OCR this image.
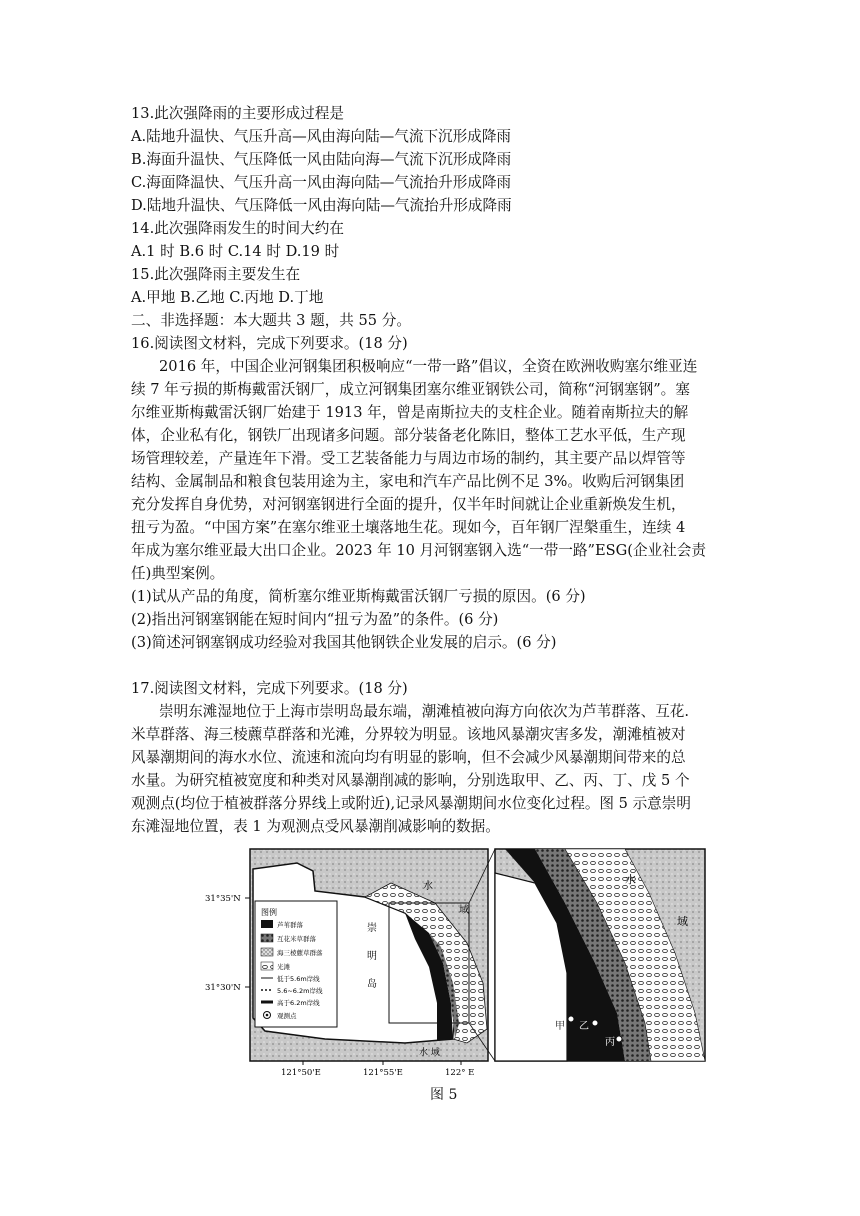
13.此次强降雨的主要形成过程是
A.陆地升温快、气压升高—风由海向陆—气流下沉形成降雨
B.海面升温快、气压降低一风由陆向海—气流下沉形成降雨
C.海面降温快、气压升高一风由海向陆—气流抬升形成降雨
D.陆地升温快、气压降低一风由海向陆—气流抬升形成降雨
14.此次强降雨发生的时间大约在
A.1 时 B.6 时 C.14 时 D.19 时
15.此次强降雨主要发生在
A.甲地 B.乙地 C.丙地 D.丁地
二、非选择题：本大题共 3 题，共 55 分。
16.阅读图文材料，完成下列要求。(18 分)
2016 年，中国企业河钢集团积极响应“一带一路”倡议，全资在欧洲收购塞尔维亚连
续 7 年亏损的斯梅戴雷沃钢厂，成立河钢集团塞尔维亚钢铁公司，简称“河钢塞钢”。塞
尔维亚斯梅戴雷沃钢厂始建于 1913 年，曾是南斯拉夫的支柱企业。随着南斯拉夫的解
体，企业私有化，钢铁厂出现诸多问题。部分装备老化陈旧，整体工艺水平低，生产现
场管理较差，产量连年下滑。受工艺装备能力与周边市场的制约，其主要产品以焊管等
结构、金属制品和粮食包装用途为主，家电和汽车产品比例不足 3%。收购后河钢集团
充分发挥自身优势，对河钢塞钢进行全面的提升，仅半年时间就让企业重新焕发生机，
扭亏为盈。“中国方案”在塞尔维亚土壤落地生花。现如今，百年钢厂涅槃重生，连续 4
年成为塞尔维亚最大出口企业。2023 年 10 月河钢塞钢入选“一带一路”ESG(企业社会责
任)典型案例。
(1)试从产品的角度，简析塞尔维亚斯梅戴雷沃钢厂亏损的原因。(6 分)
(2)指出河钢塞钢能在短时间内“扭亏为盈”的条件。(6 分)
(3)简述河钢塞钢成功经验对我国其他钢铁企业发展的启示。(6 分)
17.阅读图文材料，完成下列要求。(18 分)
崇明东滩湿地位于上海市崇明岛最东端，潮滩植被向海方向依次为芦苇群落、互花.
米草群落、海三棱藨草群落和光滩，分界较为明显。该地风暴潮灾害多发，潮滩植被对
风暴潮期间的海水水位、流速和流向均有明显的影响，但不会减少风暴潮期间带来的总
水量。为研究植被宽度和种类对风暴潮削减的影响，分别选取甲、乙、丙、丁、戊 5 个
观测点(均位于植被群落分界线上或附近),记录风暴潮期间水位变化过程。图 5 示意崇明
东滩湿地位置，表 1 为观测点受风暴潮削减影响的数据。
图例
芦苇群落
互花米草群落
海三棱藨草群落
光滩
低于5.6m岸线
5.6~6.2m岸线
高于6.2m岸线
观测点
崇
明
岛
水
域
水 域
31°35'N
31°30'N
121°50'E	121°55'E	122° E
水
域
甲 乙
丙
图 5
